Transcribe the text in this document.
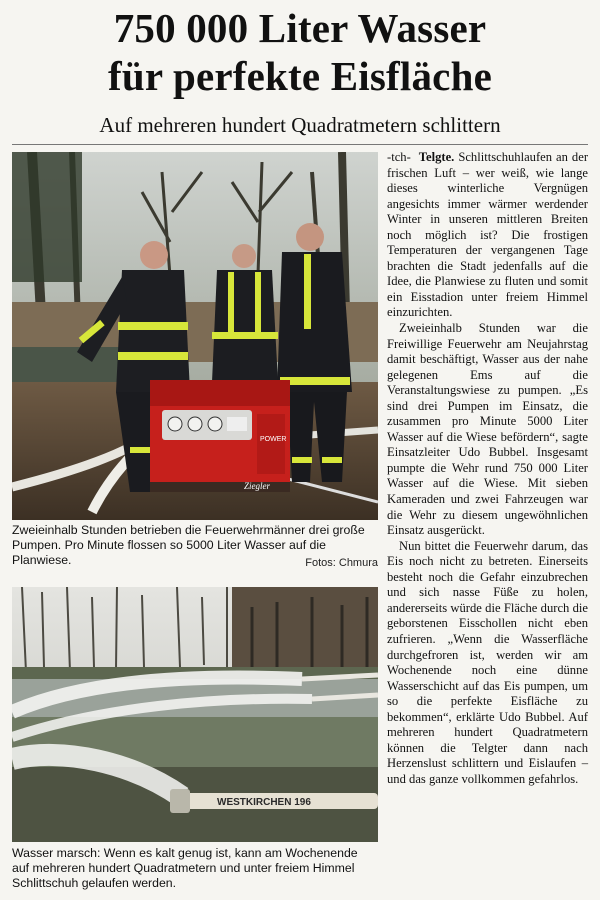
750 000 Liter Wasser
für perfekte Eisfläche
Auf mehreren hundert Quadratmetern schlittern
POWER
Ziegler
Zweieinhalb Stunden betrieben die Feuerwehrmänner drei große Pumpen. Pro Minute flossen so 5000 Liter Wasser auf die Planwiese.	Fotos: Chmura
WESTKIRCHEN 196
Wasser marsch: Wenn es kalt genug ist, kann am Wochenende auf mehreren hundert Quadratmetern und unter freiem Himmel Schlittschuh gelaufen werden.

-tch- Telgte. Schlittschuhlaufen an der frischen Luft – wer weiß, wie lange dieses winterliche Vergnügen angesichts immer wärmer werdender Winter in unseren mittleren Breiten noch möglich ist? Die frostigen Temperaturen der vergangenen Tage brachten die Stadt jedenfalls auf die Idee, die Planwiese zu fluten und somit ein Eisstadion unter freiem Himmel einzurichten.

Zweieinhalb Stunden war die Freiwillige Feuerwehr am Neujahrstag damit beschäftigt, Wasser aus der nahe gelegenen Ems auf die Veranstaltungswiese zu pumpen. „Es sind drei Pumpen im Einsatz, die zusammen pro Minute 5000 Liter Wasser auf die Wiese befördern“, sagte Einsatzleiter Udo Bubbel. Insgesamt pumpte die Wehr rund 750 000 Liter Wasser auf die Wiese. Mit sieben Kameraden und zwei Fahrzeugen war die Wehr zu diesem ungewöhnlichen Einsatz ausgerückt.

Nun bittet die Feuerwehr darum, das Eis noch nicht zu betreten. Einerseits besteht noch die Gefahr einzubrechen und sich nasse Füße zu holen, andererseits würde die Fläche durch die geborstenen Eisschollen nicht eben zufrieren. „Wenn die Wasserfläche durchgefroren ist, werden wir am Wochenende noch eine dünne Wasserschicht auf das Eis pumpen, um so die perfekte Eisfläche zu bekommen“, erklärte Udo Bubbel. Auf mehreren hundert Quadratmetern können die Telgter dann nach Herzenslust schlittern und Eislaufen – und das ganze vollkommen gefahrlos.
